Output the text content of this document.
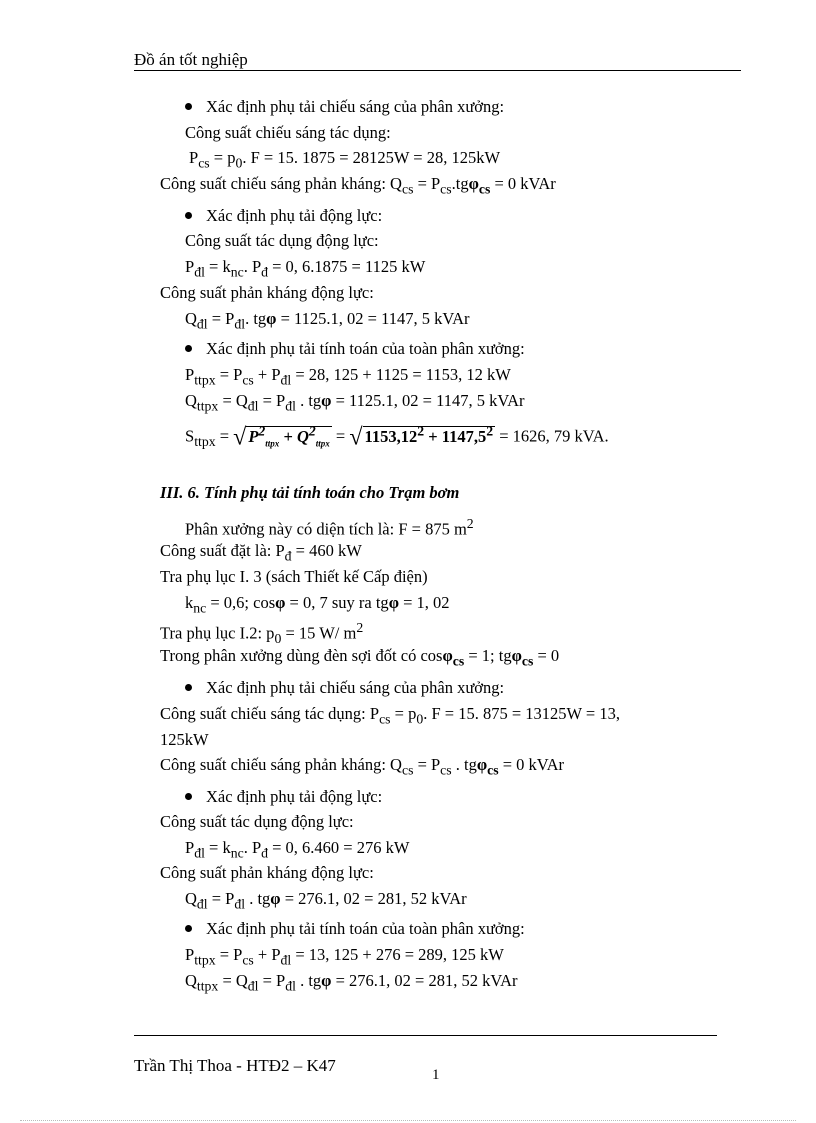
Đồ án tốt nghiệp
Xác định phụ tải chiếu sáng của phân xưởng:
Công suất chiếu sáng tác dụng:
$P_{cs} = p_0$. F = 15. 1875 = 28125W = 28, 125kW
Công suất chiếu sáng phản kháng: $Q_{cs} = P_{cs}.tg\varphi_{cs} = 0$ kVAr
Xác định phụ tải động lực:
Công suất tác dụng động lực:
$P_{đl} = k_{nc}$. $P_đ = 0$, 6.1875 = 1125 kW
Công suất phản kháng động lực:
$Q_{đl} = P_{đl}$. tgφ = 1125.1, 02 = 1147, 5 kVAr
Xác định phụ tải tính toán của toàn phân xưởng:
$P_{ttpx} = P_{cs} + P_{đl} = 28$, 125 + 1125 = 1153, 12 kW
$Q_{ttpx} = Q_{đl} = P_{đl}$ . tgφ = 1125.1, 02 = 1147, 5 kVAr
$S_{ttpx}$ = √ $P^2_{ttpx} + Q^2_{ttpx}$ = √ $1153,12^2 + 1147,5^2 = 1626$, 79 kVA.
III. 6. Tính phụ tải tính toán cho Trạm bơm
Phân xưởng này có diện tích là: F = 875 $m^2$
Công suất đặt là: $P_đ = 460$ kW
Tra phụ lục I. 3 (sách Thiết kế Cấp điện)
$k_{nc} = 0,6$; cosφ = 0, 7 suy ra tgφ = 1, 02
Tra phụ lục I.2: $p_0 = 15$ W/ $m^2$
Trong phân xưởng dùng đèn sợi đốt có cosφ$_{cs}$ = 1; tgφ$_{cs}$ = 0
Xác định phụ tải chiếu sáng của phân xưởng:
Công suất chiếu sáng tác dụng: $P_{cs} = p_0$. F = 15. 875 = 13125W = 13,
125kW
Công suất chiếu sáng phản kháng: $Q_{cs} = P_{cs}$ . tgφ$_{cs}$ = 0 kVAr
Xác định phụ tải động lực:
Công suất tác dụng động lực:
$P_{đl} = k_{nc}$. $P_đ = 0$, 6.460 = 276 kW
Công suất phản kháng động lực:
$Q_{đl} = P_{đl}$ . tgφ = 276.1, 02 = 281, 52 kVAr
Xác định phụ tải tính toán của toàn phân xưởng:
$P_{ttpx} = P_{cs} + P_{đl} = 13$, 125 + 276 = 289, 125 kW
$Q_{ttpx} = Q_{đl} = P_{đl}$ . tgφ = 276.1, 02 = 281, 52 kVAr
Trần Thị Thoa - HTĐ2 – K47	1
